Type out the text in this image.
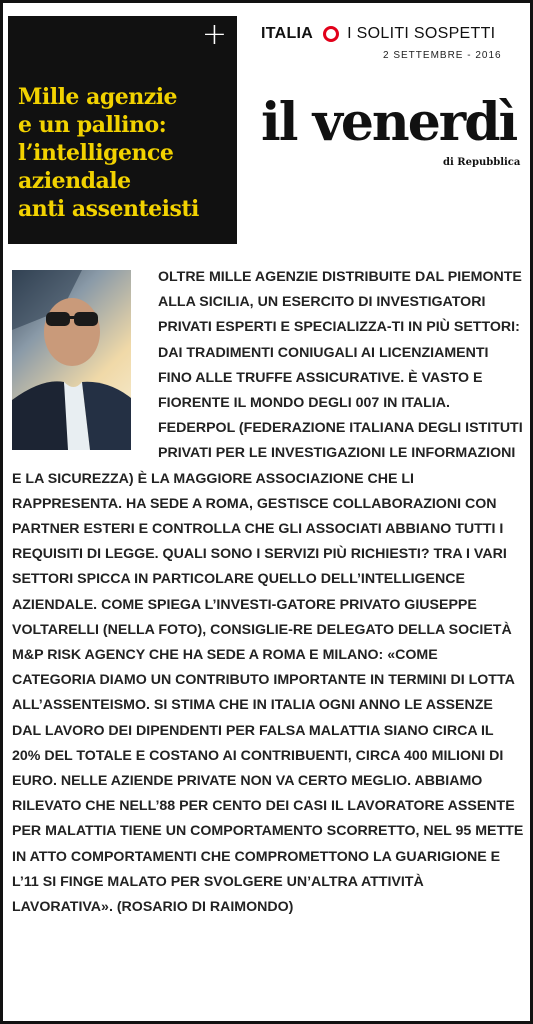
+
Mille agenzie
e un pallino:
l’intelligence
aziendale
anti assenteisti
ITALIA I SOLITI SOSPETTI
2 SETTEMBRE - 2016
il venerdì
di Repubblica

OLTRE MILLE AGENZIE DISTRIBUITE DAL PIEMONTE ALLA SICILIA, UN ESERCITO DI INVESTIGATORI PRIVATI ESPERTI E SPECIALIZZA-TI IN PIÙ SETTORI: DAI TRADIMENTI CONIUGALI AI LICENZIAMENTI FINO ALLE TRUFFE ASSICURATIVE. È VASTO E FIORENTE IL MONDO DEGLI 007 IN ITALIA. FEDERPOL (FEDERAZIONE ITALIANA DEGLI ISTITUTI PRIVATI PER LE INVESTIGAZIONI LE INFORMAZIONI E LA SICUREZZA) È LA MAGGIORE ASSOCIAZIONE CHE LI RAPPRESENTA. HA SEDE A ROMA, GESTISCE COLLABORAZIONI CON PARTNER ESTERI E CONTROLLA CHE GLI ASSOCIATI ABBIANO TUTTI I REQUISITI DI LEGGE. QUALI SONO I SERVIZI PIÙ RICHIESTI? TRA I VARI SETTORI SPICCA IN PARTICOLARE QUELLO DELL’INTELLIGENCE AZIENDALE. COME SPIEGA L’INVESTI-GATORE PRIVATO GIUSEPPE VOLTARELLI (NELLA FOTO), CONSIGLIE-RE DELEGATO DELLA SOCIETÀ M&P RISK AGENCY CHE HA SEDE A ROMA E MILANO: «COME CATEGORIA DIAMO UN CONTRIBUTO IMPORTANTE IN TERMINI DI LOTTA ALL’ASSENTEISMO. SI STIMA CHE IN ITALIA OGNI ANNO LE ASSENZE DAL LAVORO DEI DIPENDENTI PER FALSA MALATTIA SIANO CIRCA IL 20% DEL TOTALE E COSTANO AI CONTRIBUENTI, CIRCA 400 MILIONI DI EURO. NELLE AZIENDE PRIVATE NON VA CERTO MEGLIO. ABBIAMO RILEVATO CHE NELL’88 PER CENTO DEI CASI IL LAVORATORE ASSENTE PER MALATTIA TIENE UN COMPORTAMENTO SCORRETTO, NEL 95 METTE IN ATTO COMPORTAMENTI CHE COMPROMETTONO LA GUARIGIONE E L’11 SI FINGE MALATO PER SVOLGERE UN’ALTRA ATTIVITÀ LAVORATIVA». (ROSARIO DI RAIMONDO)
